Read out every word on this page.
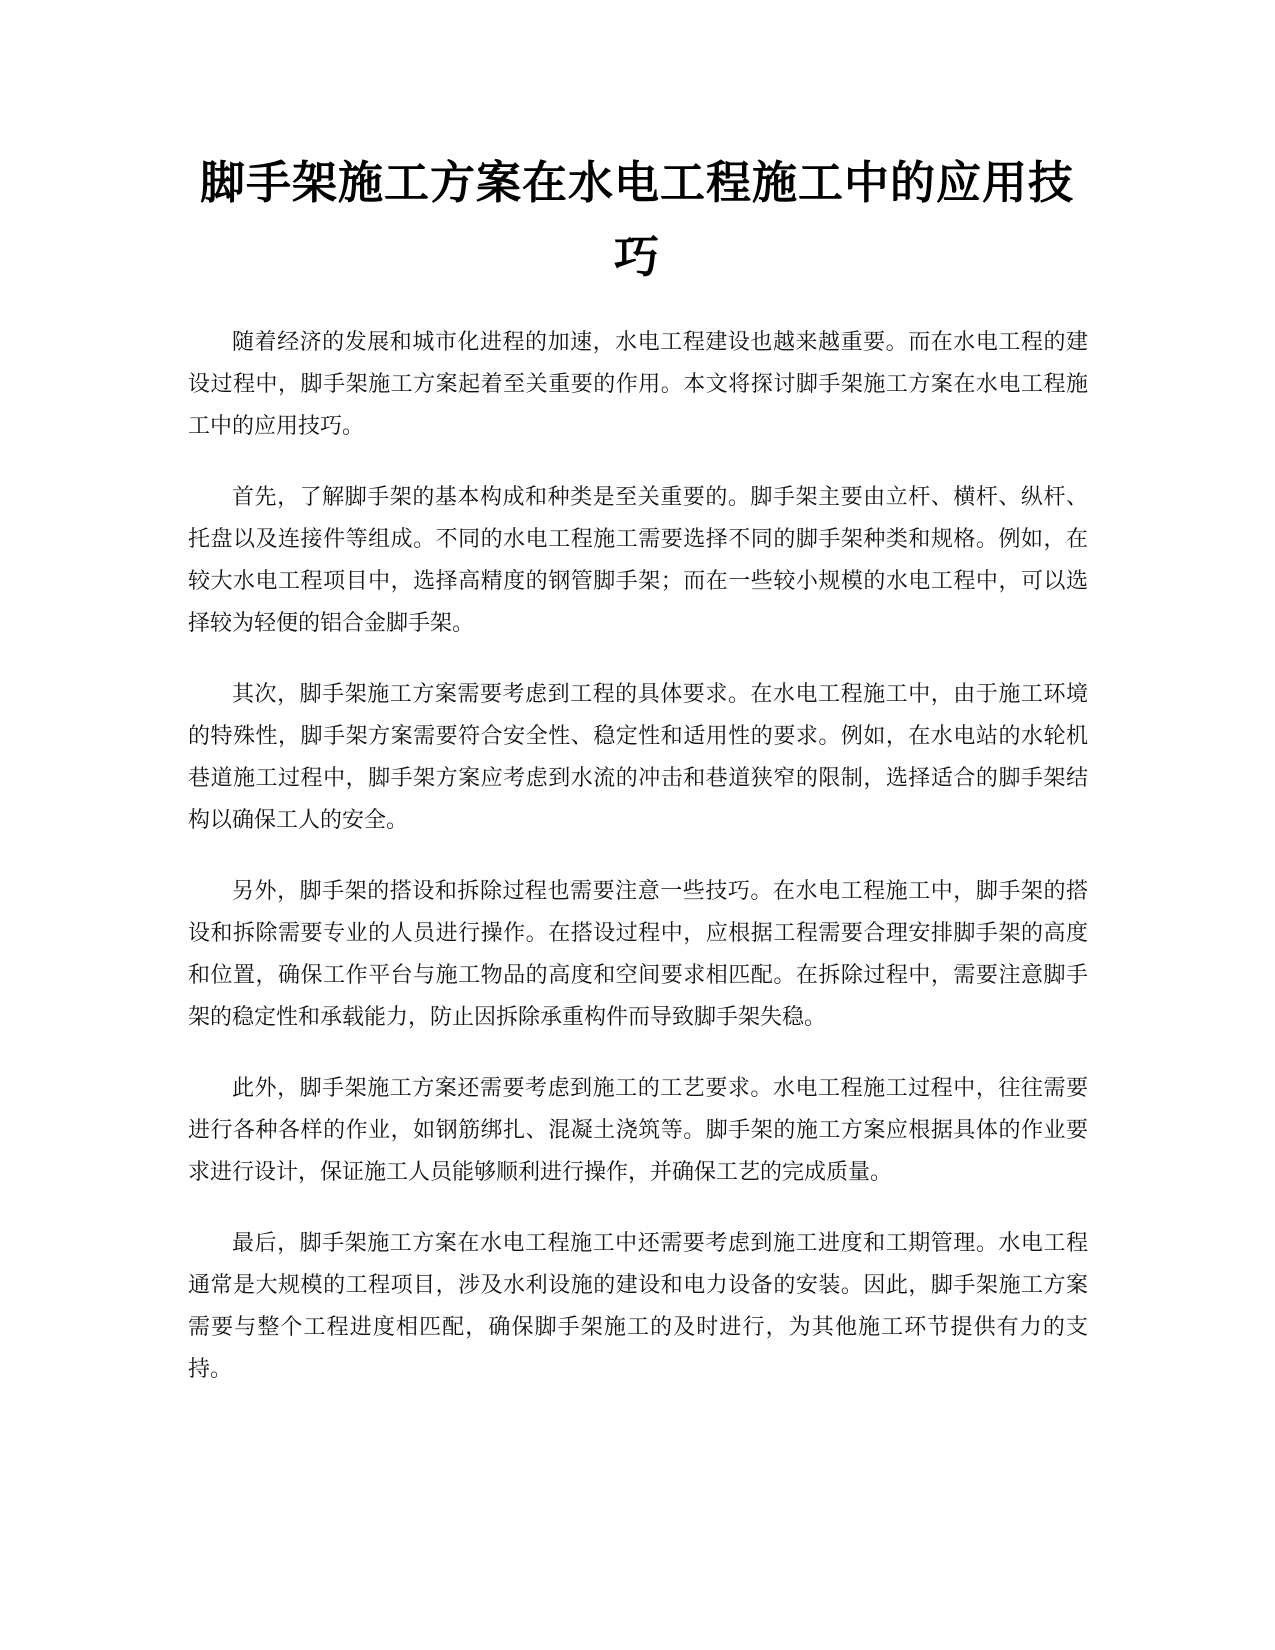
脚手架施工方案在水电工程施工中的应用技巧

随着经济的发展和城市化进程的加速，水电工程建设也越来越重要。而在水电工程的建设过程中，脚手架施工方案起着至关重要的作用。本文将探讨脚手架施工方案在水电工程施工中的应用技巧。

首先，了解脚手架的基本构成和种类是至关重要的。脚手架主要由立杆、横杆、纵杆、托盘以及连接件等组成。不同的水电工程施工需要选择不同的脚手架种类和规格。例如，在较大水电工程项目中，选择高精度的钢管脚手架；而在一些较小规模的水电工程中，可以选择较为轻便的铝合金脚手架。

其次，脚手架施工方案需要考虑到工程的具体要求。在水电工程施工中，由于施工环境的特殊性，脚手架方案需要符合安全性、稳定性和适用性的要求。例如，在水电站的水轮机巷道施工过程中，脚手架方案应考虑到水流的冲击和巷道狭窄的限制，选择适合的脚手架结构以确保工人的安全。

另外，脚手架的搭设和拆除过程也需要注意一些技巧。在水电工程施工中，脚手架的搭设和拆除需要专业的人员进行操作。在搭设过程中，应根据工程需要合理安排脚手架的高度和位置，确保工作平台与施工物品的高度和空间要求相匹配。在拆除过程中，需要注意脚手架的稳定性和承载能力，防止因拆除承重构件而导致脚手架失稳。

此外，脚手架施工方案还需要考虑到施工的工艺要求。水电工程施工过程中，往往需要进行各种各样的作业，如钢筋绑扎、混凝土浇筑等。脚手架的施工方案应根据具体的作业要求进行设计，保证施工人员能够顺利进行操作，并确保工艺的完成质量。

最后，脚手架施工方案在水电工程施工中还需要考虑到施工进度和工期管理。水电工程通常是大规模的工程项目，涉及水利设施的建设和电力设备的安装。因此，脚手架施工方案需要与整个工程进度相匹配，确保脚手架施工的及时进行，为其他施工环节提供有力的支持。
